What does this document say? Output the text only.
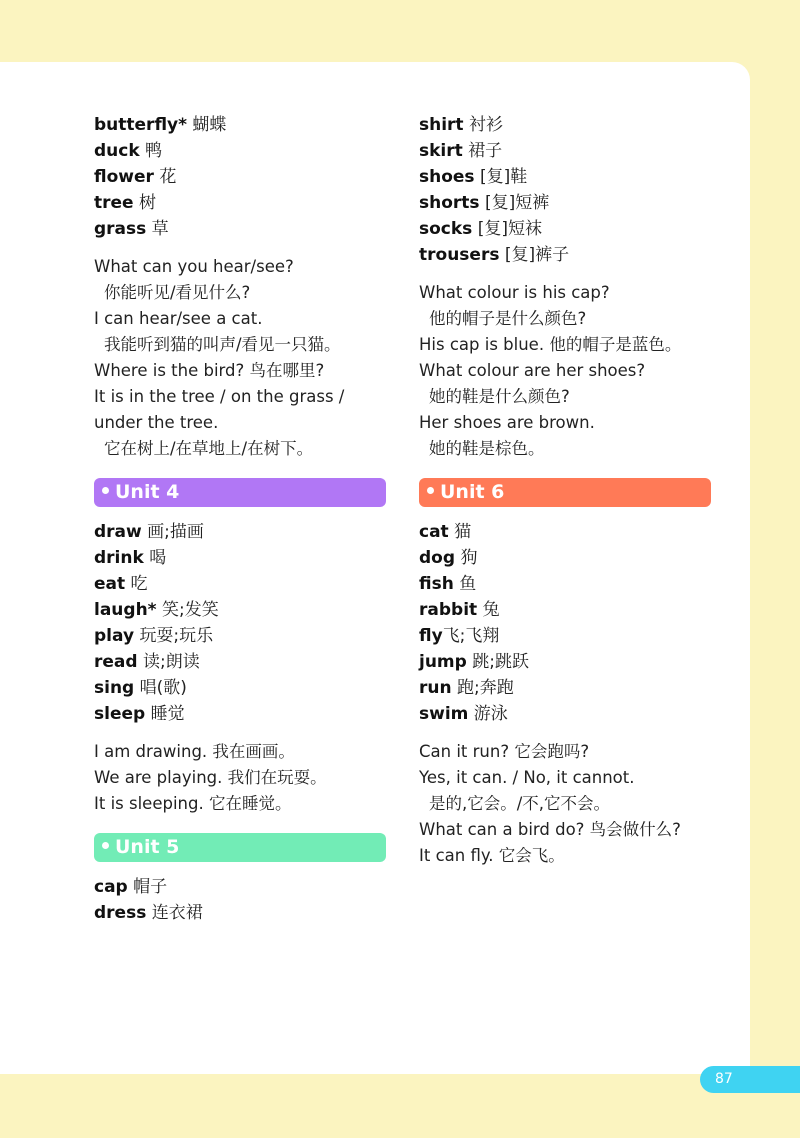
butterfly* 蝴蝶
duck 鸭
flower 花
tree 树
grass 草
What can you hear/see?
你能听见/看见什么?
I can hear/see a cat.
我能听到猫的叫声/看见一只猫。
Where is the bird? 鸟在哪里?
It is in the tree / on the grass /
under the tree.
它在树上/在草地上/在树下。
Unit 4
draw 画;描画
drink 喝
eat 吃
laugh* 笑;发笑
play 玩耍;玩乐
read 读;朗读
sing 唱(歌)
sleep 睡觉
I am drawing. 我在画画。
We are playing. 我们在玩耍。
It is sleeping. 它在睡觉。
Unit 5
cap 帽子
dress 连衣裙
shirt 衬衫
skirt 裙子
shoes [复]鞋
shorts [复]短裤
socks [复]短袜
trousers [复]裤子
What colour is his cap?
他的帽子是什么颜色?
His cap is blue. 他的帽子是蓝色。
What colour are her shoes?
她的鞋是什么颜色?
Her shoes are brown.
她的鞋是棕色。
Unit 6
cat 猫
dog 狗
fish 鱼
rabbit 兔
fly飞;飞翔
jump 跳;跳跃
run 跑;奔跑
swim 游泳
Can it run? 它会跑吗?
Yes, it can. / No, it cannot.
是的,它会。/不,它不会。
What can a bird do? 鸟会做什么?
It can fly. 它会飞。
87
